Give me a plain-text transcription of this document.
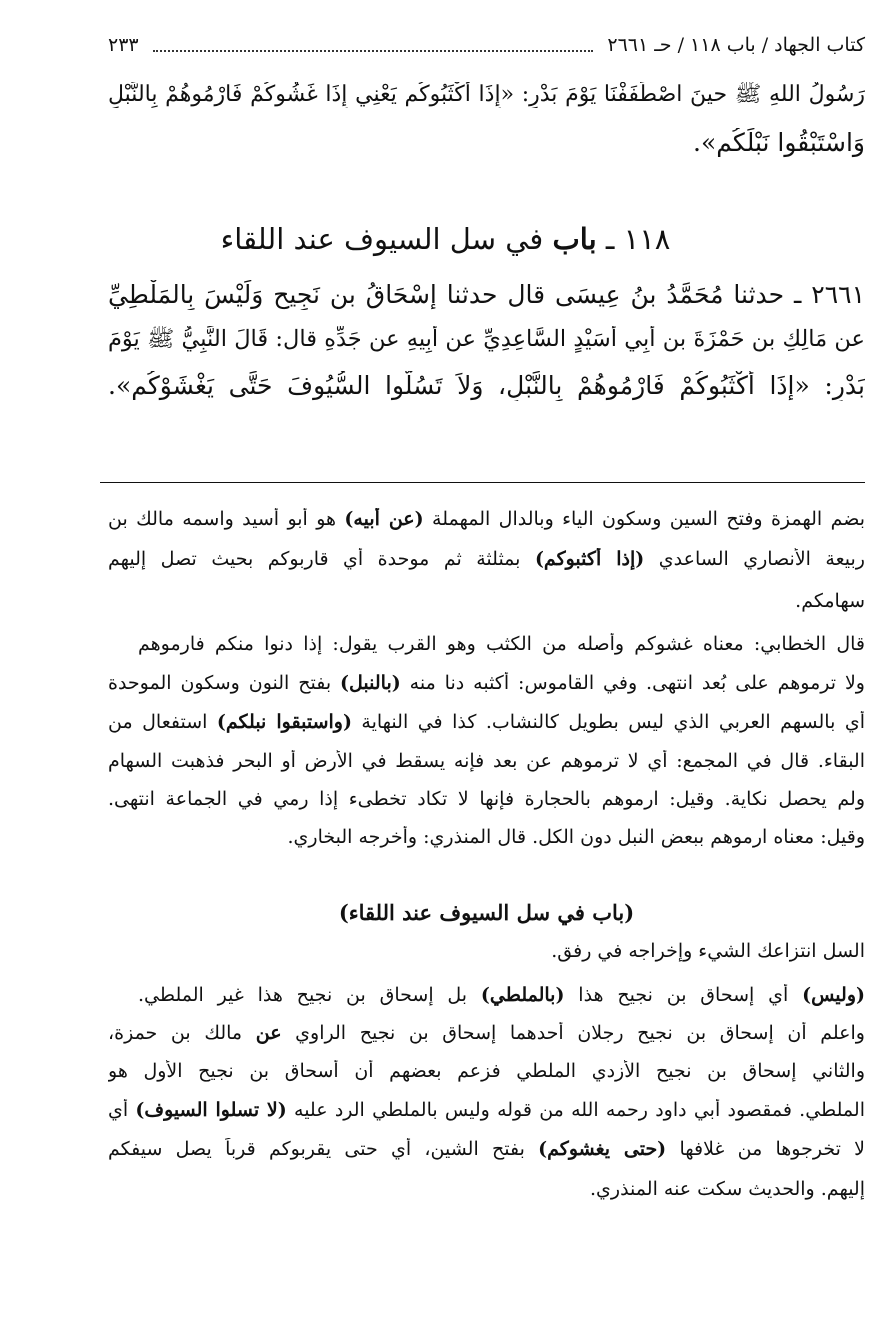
كتاب الجهاد / باب ١١٨ / حـ ٢٦٦١
٢٣٣
١١٨ ـ باب في سل السيوف عند اللقاء
رَسُولُ اللهِ ﷺ حينَ اصْطَفَفْنَا يَوْمَ بَدْرٍ: «إِذَا أَكْثَبُوكُم يَعْنِي إِذَا غَشُوكُمْ فَارْمُوهُمْ بِالنَّبْلِ
وَاسْتَبْقُوا نَبْلَكُم».
٢٦٦١ ـ حدثنا مُحَمَّدُ بنُ عِيسَى قال حدثنا إِسْحَاقُ بن نَجِيحٍ وَلَيْسَ بِالمَلْطِيِّ
عن مَالِكِ بن حَمْزَةَ بنِ أَبِي أُسَيْدٍ السَّاعِدِيِّ عن أَبِيهِ عن جَدِّهِ قال: قَالَ النَّبِيُّ ﷺ يَوْمَ
بَدْرٍ: «إِذَا أَكْثَبُوكُمْ فَارْمُوهُمْ بِالنَّبْلِ، وَلاَ تَسُلُّوا السُّيُوفَ حَتَّى يَغْشَوْكُم».
بضم الهمزة وفتح السين وسكون الياء وبالدال المهملة (عن أبيه) هو أبو أسيد واسمه مالك بن
ربيعة الأنصاري الساعدي (إذا أكثبوكم) بمثلثة ثم موحدة أي قاربوكم بحيث تصل إليهم
سهامكم.
قال الخطابي: معناه غشوكم وأصله من الكثب وهو القرب يقول: إذا دنوا منكم فارموهم
ولا ترموهم على بُعد انتهى. وفي القاموس: أكثبه دنا منه (بالنبل) بفتح النون وسكون الموحدة
أي بالسهم العربي الذي ليس بطويل كالنشاب. كذا في النهاية (واستبقوا نبلكم) استفعال من
البقاء. قال في المجمع: أي لا ترموهم عن بعد فإنه يسقط في الأرض أو البحر فذهبت السهام
ولم يحصل نكاية. وقيل: ارموهم بالحجارة فإنها لا تكاد تخطىء إذا رمي في الجماعة انتهى.
وقيل: معناه ارموهم ببعض النبل دون الكل. قال المنذري: وأخرجه البخاري.
(باب في سل السيوف عند اللقاء)
السل انتزاعك الشيء وإخراجه في رفق.
(وليس) أي إسحاق بن نجيح هذا (بالملطي) بل إسحاق بن نجيح هذا غير الملطي.
واعلم أن إسحاق بن نجيح رجلان أحدهما إسحاق بن نجيح الراوي عن مالك بن حمزة،
والثاني إسحاق بن نجيح الأزدي الملطي فزعم بعضهم أن أسحاق بن نجيح الأول هو
الملطي. فمقصود أبي داود رحمه الله من قوله وليس بالملطي الرد عليه (لا تسلوا السيوف) أي
لا تخرجوها من غلافها (حتى يغشوكم) بفتح الشين، أي حتى يقربوكم قرباً يصل سيفكم
إليهم. والحديث سكت عنه المنذري.
